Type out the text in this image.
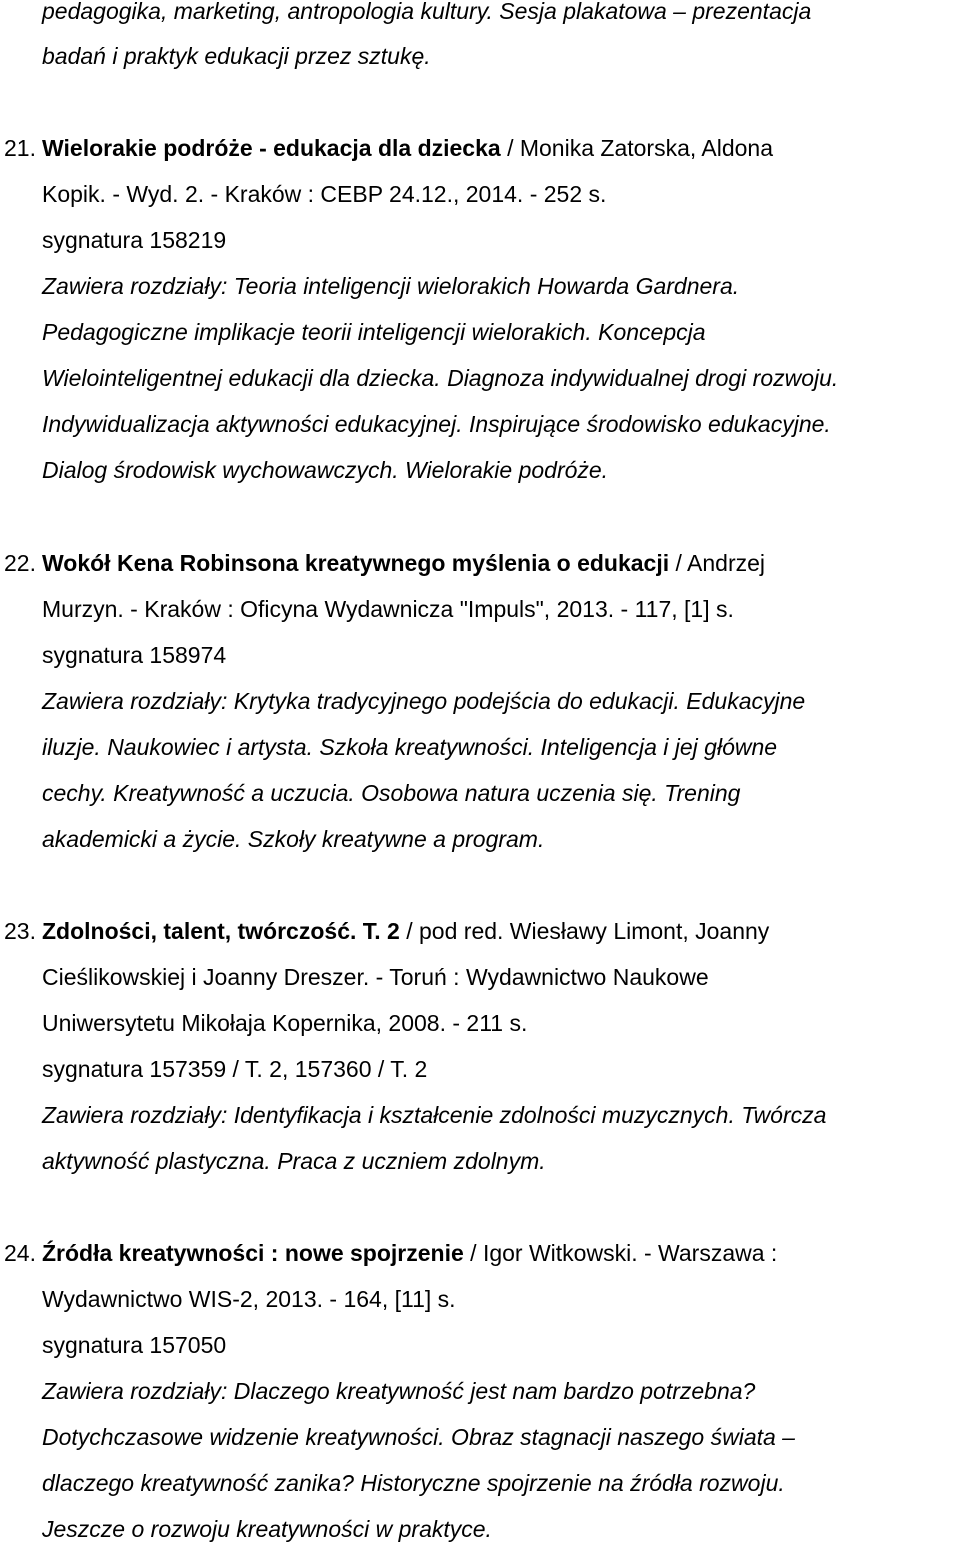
pedagogika, marketing, antropologia kultury. Sesja plakatowa – prezentacja

badań i praktyk edukacji przez sztukę.

21. Wielorakie podróże - edukacja dla dziecka / Monika Zatorska, Aldona

Kopik. - Wyd. 2. - Kraków : CEBP 24.12., 2014. - 252 s.

sygnatura 158219

Zawiera rozdziały: Teoria inteligencji wielorakich Howarda Gardnera.

Pedagogiczne implikacje teorii inteligencji wielorakich. Koncepcja

Wielointeligentnej edukacji dla dziecka. Diagnoza indywidualnej drogi rozwoju.

Indywidualizacja aktywności edukacyjnej. Inspirujące środowisko edukacyjne.

Dialog środowisk wychowawczych. Wielorakie podróże.

22. Wokół Kena Robinsona kreatywnego myślenia o edukacji / Andrzej

Murzyn. - Kraków : Oficyna Wydawnicza "Impuls", 2013. - 117, [1] s.

sygnatura 158974

Zawiera rozdziały: Krytyka tradycyjnego podejścia do edukacji. Edukacyjne

iluzje. Naukowiec i artysta. Szkoła kreatywności. Inteligencja i jej główne

cechy. Kreatywność a uczucia. Osobowa natura uczenia się. Trening

akademicki a życie. Szkoły kreatywne a program.

23. Zdolności, talent, twórczość. T. 2 / pod red. Wiesławy Limont, Joanny

Cieślikowskiej i Joanny Dreszer. - Toruń : Wydawnictwo Naukowe

Uniwersytetu Mikołaja Kopernika, 2008. - 211 s.

sygnatura 157359 / T. 2, 157360 / T. 2

Zawiera rozdziały: Identyfikacja i kształcenie zdolności muzycznych. Twórcza

aktywność plastyczna. Praca z uczniem zdolnym.

24. Źródła kreatywności : nowe spojrzenie / Igor Witkowski. - Warszawa :

Wydawnictwo WIS-2, 2013. - 164, [11] s.

sygnatura 157050

Zawiera rozdziały: Dlaczego kreatywność jest nam bardzo potrzebna?

Dotychczasowe widzenie kreatywności. Obraz stagnacji naszego świata –

dlaczego kreatywność zanika? Historyczne spojrzenie na źródła rozwoju.

Jeszcze o rozwoju kreatywności w praktyce.
